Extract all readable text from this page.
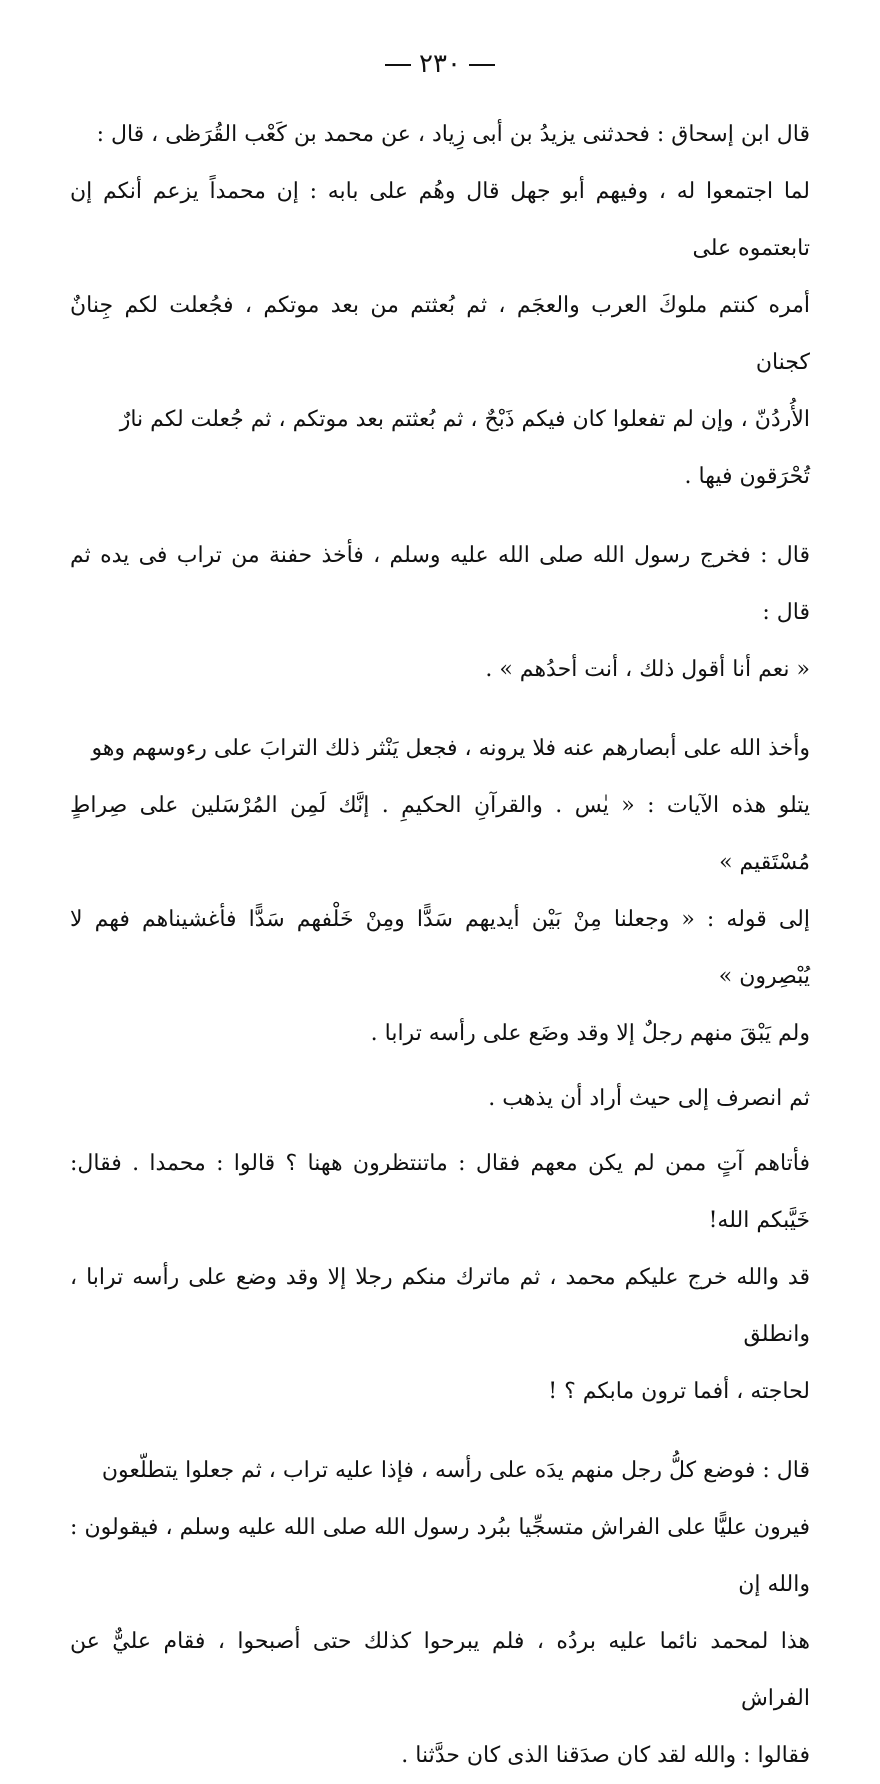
٢٣٠

قال ابن إسحاق : فحدثنى يزيدُ بن أبى زِياد ، عن محمد بن كَعْب القُرَظى ، قال :
لما اجتمعوا له ، وفيهم أبو جهل قال وهُم على بابه : إن محمداً يزعم أنكم إن تابعتموه على
أمره كنتم ملوكَ العرب والعجَم ، ثم بُعثتم من بعد موتكم ، فجُعلت لكم جِنانٌ كجنان
الأُردُنّ ، وإن لم تفعلوا كان فيكم ذَبْحٌ ، ثم بُعثتم بعد موتكم ، ثم جُعلت لكم نارٌ
تُحْرَقون فيها .

قال : فخرج رسول الله صلى الله عليه وسلم ، فأخذ حفنة من تراب فى يده ثم قال :
« نعم أنا أقول ذلك ، أنت أحدُهم » .

وأخذ الله على أبصارهم عنه فلا يرونه ، فجعل يَنْثر ذلك الترابَ على رءوسهم وهو
يتلو هذه الآيات : « يٰس . والقرآنِ الحكيمِ . إنَّك لَمِن المُرْسَلين على صِراطٍ مُسْتَقيم »
إلى قوله : « وجعلنا مِنْ بَيْن أيديهم سَدًّا ومِنْ خَلْفهم سَدًّا فأغشيناهم فهم لا يُبْصِرون »
ولم يَبْقَ منهم رجلٌ إلا وقد وضَع على رأسه ترابا .

ثم انصرف إلى حيث أراد أن يذهب .

فأتاهم آتٍ ممن لم يكن معهم فقال : ماتنتظرون ههنا ؟ قالوا : محمدا . فقال: خَيَّبكم الله!
قد والله خرج عليكم محمد ، ثم ماترك منكم رجلا إلا وقد وضع على رأسه ترابا ، وانطلق
لحاجته ، أفما ترون مابكم ؟ !

قال : فوضع كلُّ رجل منهم يدَه على رأسه ، فإذا عليه تراب ، ثم جعلوا يتطلّعون
فيرون عليًّا على الفراش متسجِّيا ببُرد رسول الله صلى الله عليه وسلم ، فيقولون : والله إن
هذا لمحمد نائما عليه بردُه ، فلم يبرحوا كذلك حتى أصبحوا ، فقام عليٌّ عن الفراش
فقالوا : والله لقد كان صدَقنا الذى كان حدَّثنا .
